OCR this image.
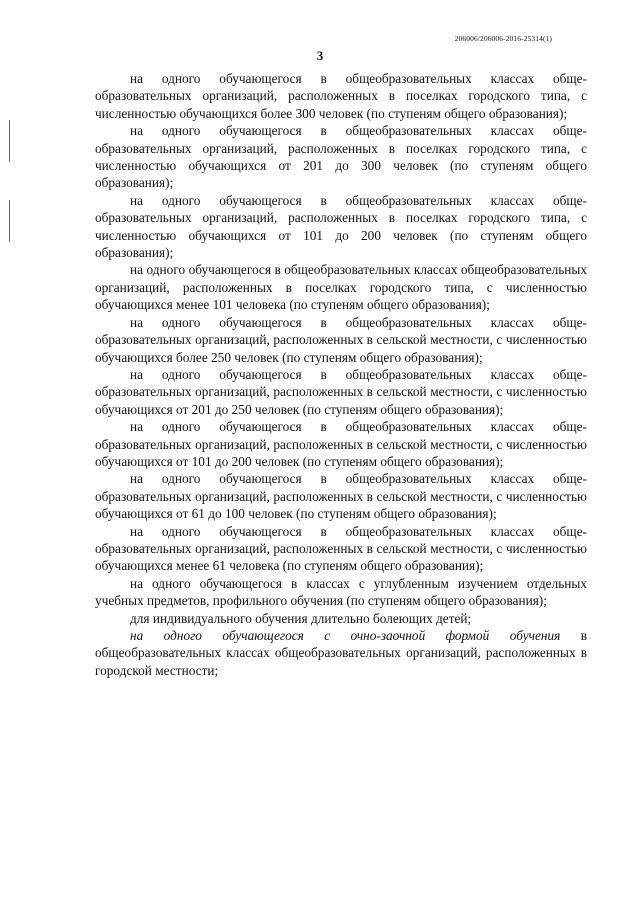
206006/206006-2016-25314(1)
3

на одного обучающегося в общеобразовательных классах обще-образовательных организаций, расположенных в поселках городского типа, с численностью обучающихся более 300 человек (по ступеням общего образования);

на одного обучающегося в общеобразовательных классах обще-образовательных организаций, расположенных в поселках городского типа, с численностью обучающихся от 201 до 300 человек (по ступеням общего образования);

на одного обучающегося в общеобразовательных классах обще-образовательных организаций, расположенных в поселках городского типа, с численностью обучающихся от 101 до 200 человек (по ступеням общего образования);

на одного обучающегося в общеобразовательных классах общеобразовательных организаций, расположенных в поселках городского типа, с численностью обучающихся менее 101 человека (по ступеням общего образования);

на одного обучающегося в общеобразовательных классах обще-образовательных организаций, расположенных в сельской местности, с численностью обучающихся более 250 человек (по ступеням общего образования);

на одного обучающегося в общеобразовательных классах обще-образовательных организаций, расположенных в сельской местности, с численностью обучающихся от 201 до 250 человек (по ступеням общего образования);

на одного обучающегося в общеобразовательных классах обще-образовательных организаций, расположенных в сельской местности, с численностью обучающихся от 101 до 200 человек (по ступеням общего образования);

на одного обучающегося в общеобразовательных классах обще-образовательных организаций, расположенных в сельской местности, с численностью обучающихся от 61 до 100 человек (по ступеням общего образования);

на одного обучающегося в общеобразовательных классах обще-образовательных организаций, расположенных в сельской местности, с численностью обучающихся менее 61 человека (по ступеням общего образования);

на одного обучающегося в классах с углубленным изучением отдельных учебных предметов, профильного обучения (по ступеням общего образования);

для индивидуального обучения длительно болеющих детей;

на одного обучающегося с очно-заочной формой обучения в общеобразовательных классах общеобразовательных организаций, расположенных в городской местности;
